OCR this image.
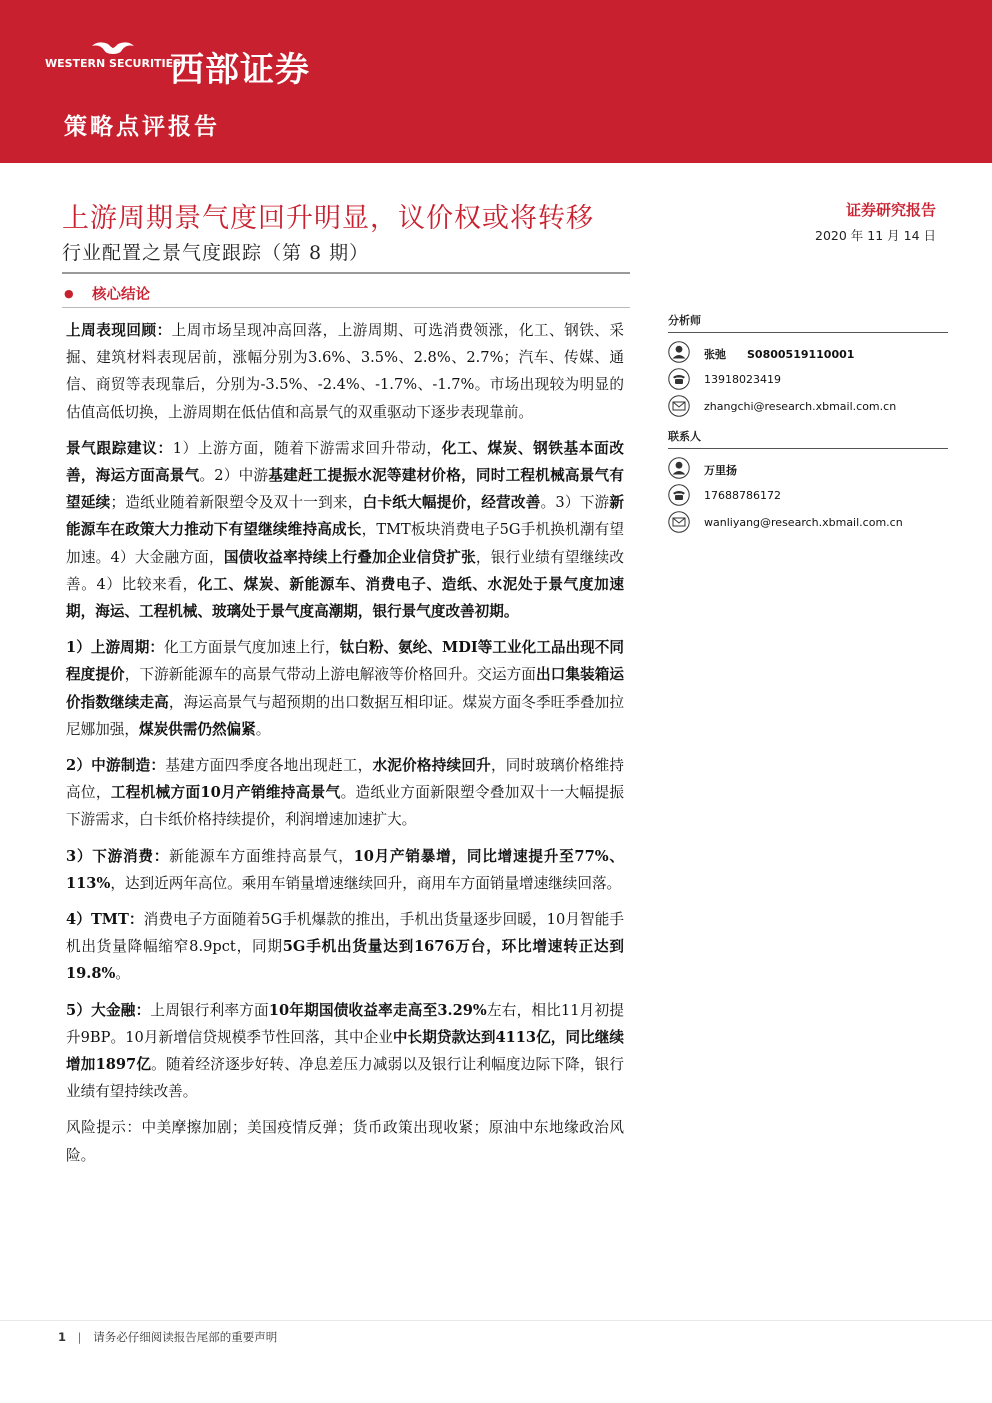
WESTERN SECURITIES
西部证券
策略点评报告
上游周期景气度回升明显，议价权或将转移
行业配置之景气度跟踪（第 8 期）
证券研究报告
2020 年 11 月 14 日
● 核心结论

上周表现回顾：上周市场呈现冲高回落，上游周期、可选消费领涨，化工、钢铁、采掘、建筑材料表现居前，涨幅分别为3.6%、3.5%、2.8%、2.7%；汽车、传媒、通信、商贸等表现靠后，分别为-3.5%、-2.4%、-1.7%、-1.7%。市场出现较为明显的估值高低切换，上游周期在低估值和高景气的双重驱动下逐步表现靠前。

景气跟踪建议：1）上游方面，随着下游需求回升带动，化工、煤炭、钢铁基本面改善，海运方面高景气。2）中游基建赶工提振水泥等建材价格，同时工程机械高景气有望延续；造纸业随着新限塑令及双十一到来，白卡纸大幅提价，经营改善。3）下游新能源车在政策大力推动下有望继续维持高成长，TMT板块消费电子5G手机换机潮有望加速。4）大金融方面，国债收益率持续上行叠加企业信贷扩张，银行业绩有望继续改善。4）比较来看，化工、煤炭、新能源车、消费电子、造纸、水泥处于景气度加速期，海运、工程机械、玻璃处于景气度高潮期，银行景气度改善初期。

1）上游周期：化工方面景气度加速上行，钛白粉、氨纶、MDI等工业化工品出现不同程度提价，下游新能源车的高景气带动上游电解液等价格回升。交运方面出口集装箱运价指数继续走高，海运高景气与超预期的出口数据互相印证。煤炭方面冬季旺季叠加拉尼娜加强，煤炭供需仍然偏紧。

2）中游制造：基建方面四季度各地出现赶工，水泥价格持续回升，同时玻璃价格维持高位，工程机械方面10月产销维持高景气。造纸业方面新限塑令叠加双十一大幅提振下游需求，白卡纸价格持续提价，利润增速加速扩大。

3）下游消费：新能源车方面维持高景气，10月产销暴增，同比增速提升至77%、113%，达到近两年高位。乘用车销量增速继续回升，商用车方面销量增速继续回落。

4）TMT：消费电子方面随着5G手机爆款的推出，手机出货量逐步回暖，10月智能手机出货量降幅缩窄8.9pct，同期5G手机出货量达到1676万台，环比增速转正达到19.8%。

5）大金融：上周银行利率方面10年期国债收益率走高至3.29%左右，相比11月初提升9BP。10月新增信贷规模季节性回落，其中企业中长期贷款达到4113亿，同比继续增加1897亿。随着经济逐步好转、净息差压力减弱以及银行让利幅度边际下降，银行业绩有望持续改善。

风险提示：中美摩擦加剧；美国疫情反弹；货币政策出现收紧；原油中东地缘政治风险。

分析师
张弛 S0800519110001
13918023419
zhangchi@research.xbmail.com.cn
联系人
万里扬
17688786172
wanliyang@research.xbmail.com.cn
1 | 请务必仔细阅读报告尾部的重要声明
